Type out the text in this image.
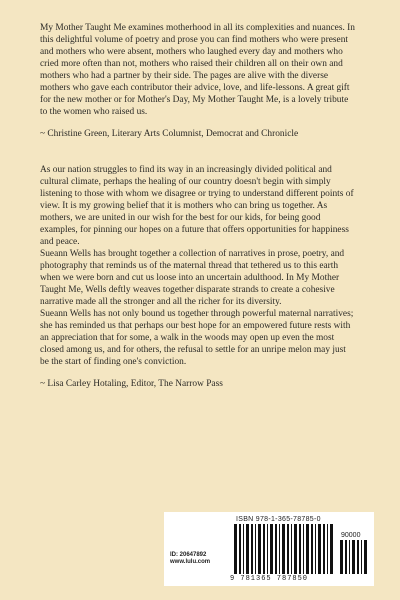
My Mother Taught Me examines motherhood in all its complexities and nuances. In this delightful volume of poetry and prose you can find mothers who were present and mothers who were absent, mothers who laughed every day and mothers who cried more often than not, mothers who raised their children all on their own and mothers who had a partner by their side. The pages are alive with the diverse mothers who gave each contributor their advice, love, and life-lessons. A great gift for the new mother or for Mother's Day, My Mother Taught Me, is a lovely tribute to the women who raised us.

~ Christine Green, Literary Arts Columnist, Democrat and Chronicle

As our nation struggles to find its way in an increasingly divided political and cultural climate, perhaps the healing of our country doesn't begin with simply listening to those with whom we disagree or trying to understand different points of view. It is my growing belief that it is mothers who can bring us together. As mothers, we are united in our wish for the best for our kids, for being good examples, for pinning our hopes on a future that offers opportunities for happiness and peace.

Sueann Wells has brought together a collection of narratives in prose, poetry, and photography that reminds us of the maternal thread that tethered us to this earth when we were born and cut us loose into an uncertain adulthood. In My Mother Taught Me, Wells deftly weaves together disparate strands to create a cohesive narrative made all the stronger and all the richer for its diversity.

Sueann Wells has not only bound us together through powerful maternal narratives; she has reminded us that perhaps our best hope for an empowered future rests with an appreciation that for some, a walk in the woods may open up even the most closed among us, and for others, the refusal to settle for an unripe melon may just be the start of finding one's conviction.

~ Lisa Carley Hotaling, Editor, The Narrow Pass

ID: 20647892
www.lulu.com
ISBN 978-1-365-78785-0
90000
9 781365 787850
